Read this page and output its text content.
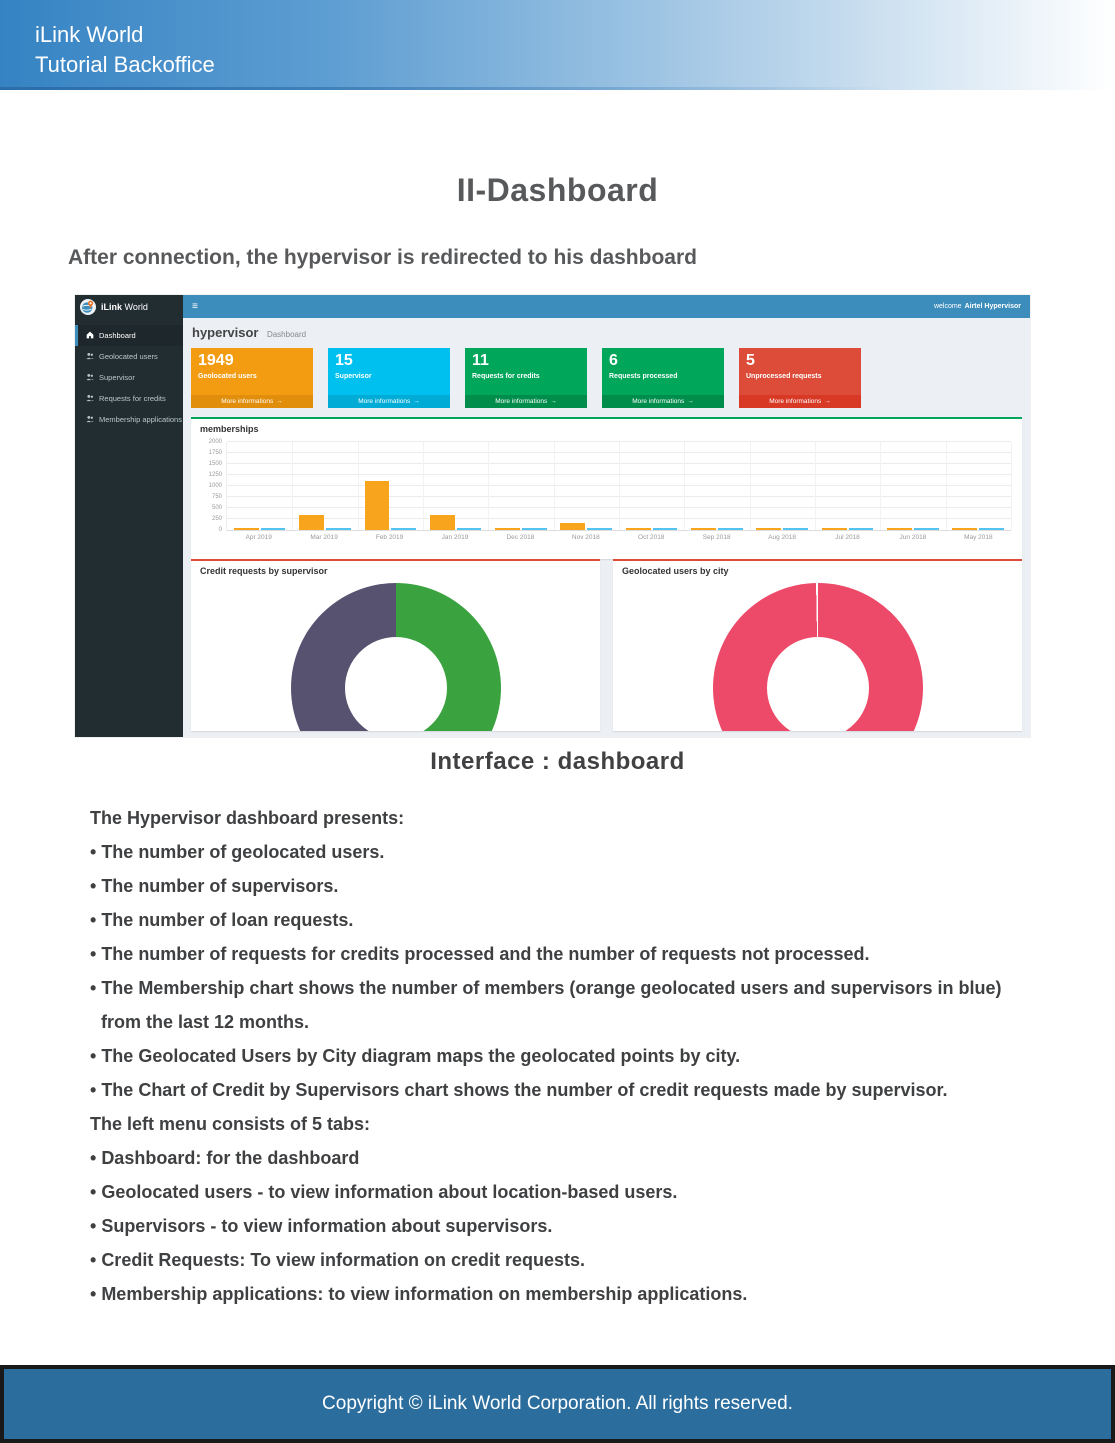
iLink World
Tutorial Backoffice
II-Dashboard
After connection, the hypervisor is redirected to his dashboard
iLink World	≡	welcome Airtel Hypervisor
Dashboard
Geolocated users
Supervisor
Requests for credits
Membership applications
hypervisor Dashboard
1949
Geolocated users
More informations →
15
Supervisor
More informations →
11
Requests for credits
More informations →
6
Requests processed
More informations →
5
Unprocessed requests
More informations →
memberships
0
250
500
750
1000
1250
1500
1750
2000
Apr 2019	Mar 2019	Feb 2019	Jan 2019	Dec 2018	Nov 2018	Oct 2018	Sep 2018	Aug 2018	Jul 2018	Jun 2018	May 2018
Credit requests by supervisor	Geolocated users by city
Interface : dashboard
The Hypervisor dashboard presents:
• The number of geolocated users.
• The number of supervisors.
• The number of loan requests.
• The number of requests for credits processed and the number of requests not processed.
• The Membership chart shows the number of members (orange geolocated users and supervisors in blue)
from the last 12 months.
• The Geolocated Users by City diagram maps the geolocated points by city.
• The Chart of Credit by Supervisors chart shows the number of credit requests made by supervisor.
The left menu consists of 5 tabs:
• Dashboard: for the dashboard
• Geolocated users - to view information about location-based users.
• Supervisors - to view information about supervisors.
• Credit Requests: To view information on credit requests.
• Membership applications: to view information on membership applications.
Copyright © iLink World Corporation. All rights reserved.
